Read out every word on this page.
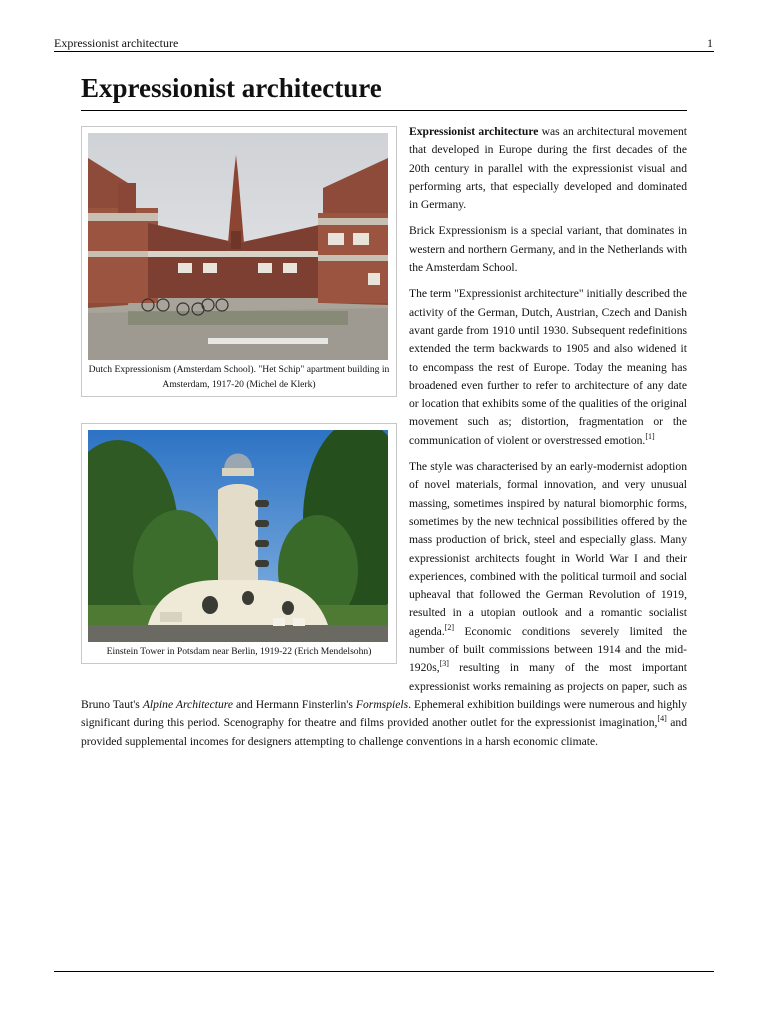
Expressionist architecture	1
Expressionist architecture
Dutch Expressionism (Amsterdam School). "Het Schip" apartment building in Amsterdam, 1917-20 (Michel de Klerk)
Einstein Tower in Potsdam near Berlin, 1919-22 (Erich Mendelsohn)

Expressionist architecture was an architectural movement that developed in Europe during the first decades of the 20th century in parallel with the expressionist visual and performing arts, that especially developed and dominated in Germany.

Brick Expressionism is a special variant, that dominates in western and northern Germany, and in the Netherlands with the Amsterdam School.

The term "Expressionist architecture" initially described the activity of the German, Dutch, Austrian, Czech and Danish avant garde from 1910 until 1930. Subsequent redefinitions extended the term backwards to 1905 and also widened it to encompass the rest of Europe. Today the meaning has broadened even further to refer to architecture of any date or location that exhibits some of the qualities of the original movement such as; distortion, fragmentation or the communication of violent or overstressed emotion.[1]

The style was characterised by an early-modernist adoption of novel materials, formal innovation, and very unusual massing, sometimes inspired by natural biomorphic forms, sometimes by the new technical possibilities offered by the mass production of brick, steel and especially glass. Many expressionist architects fought in World War I and their experiences, combined with the political turmoil and social upheaval that followed the German Revolution of 1919, resulted in a utopian outlook and a romantic socialist agenda.[2] Economic conditions severely limited the number of built commissions between 1914 and the mid-1920s,[3] resulting in many of the most important expressionist works remaining as projects on paper, such as Bruno Taut's Alpine Architecture and Hermann Finsterlin's Formspiels. Ephemeral exhibition buildings were numerous and highly significant during this period. Scenography for theatre and films provided another outlet for the expressionist imagination,[4] and provided supplemental incomes for designers attempting to challenge conventions in a harsh economic climate.
